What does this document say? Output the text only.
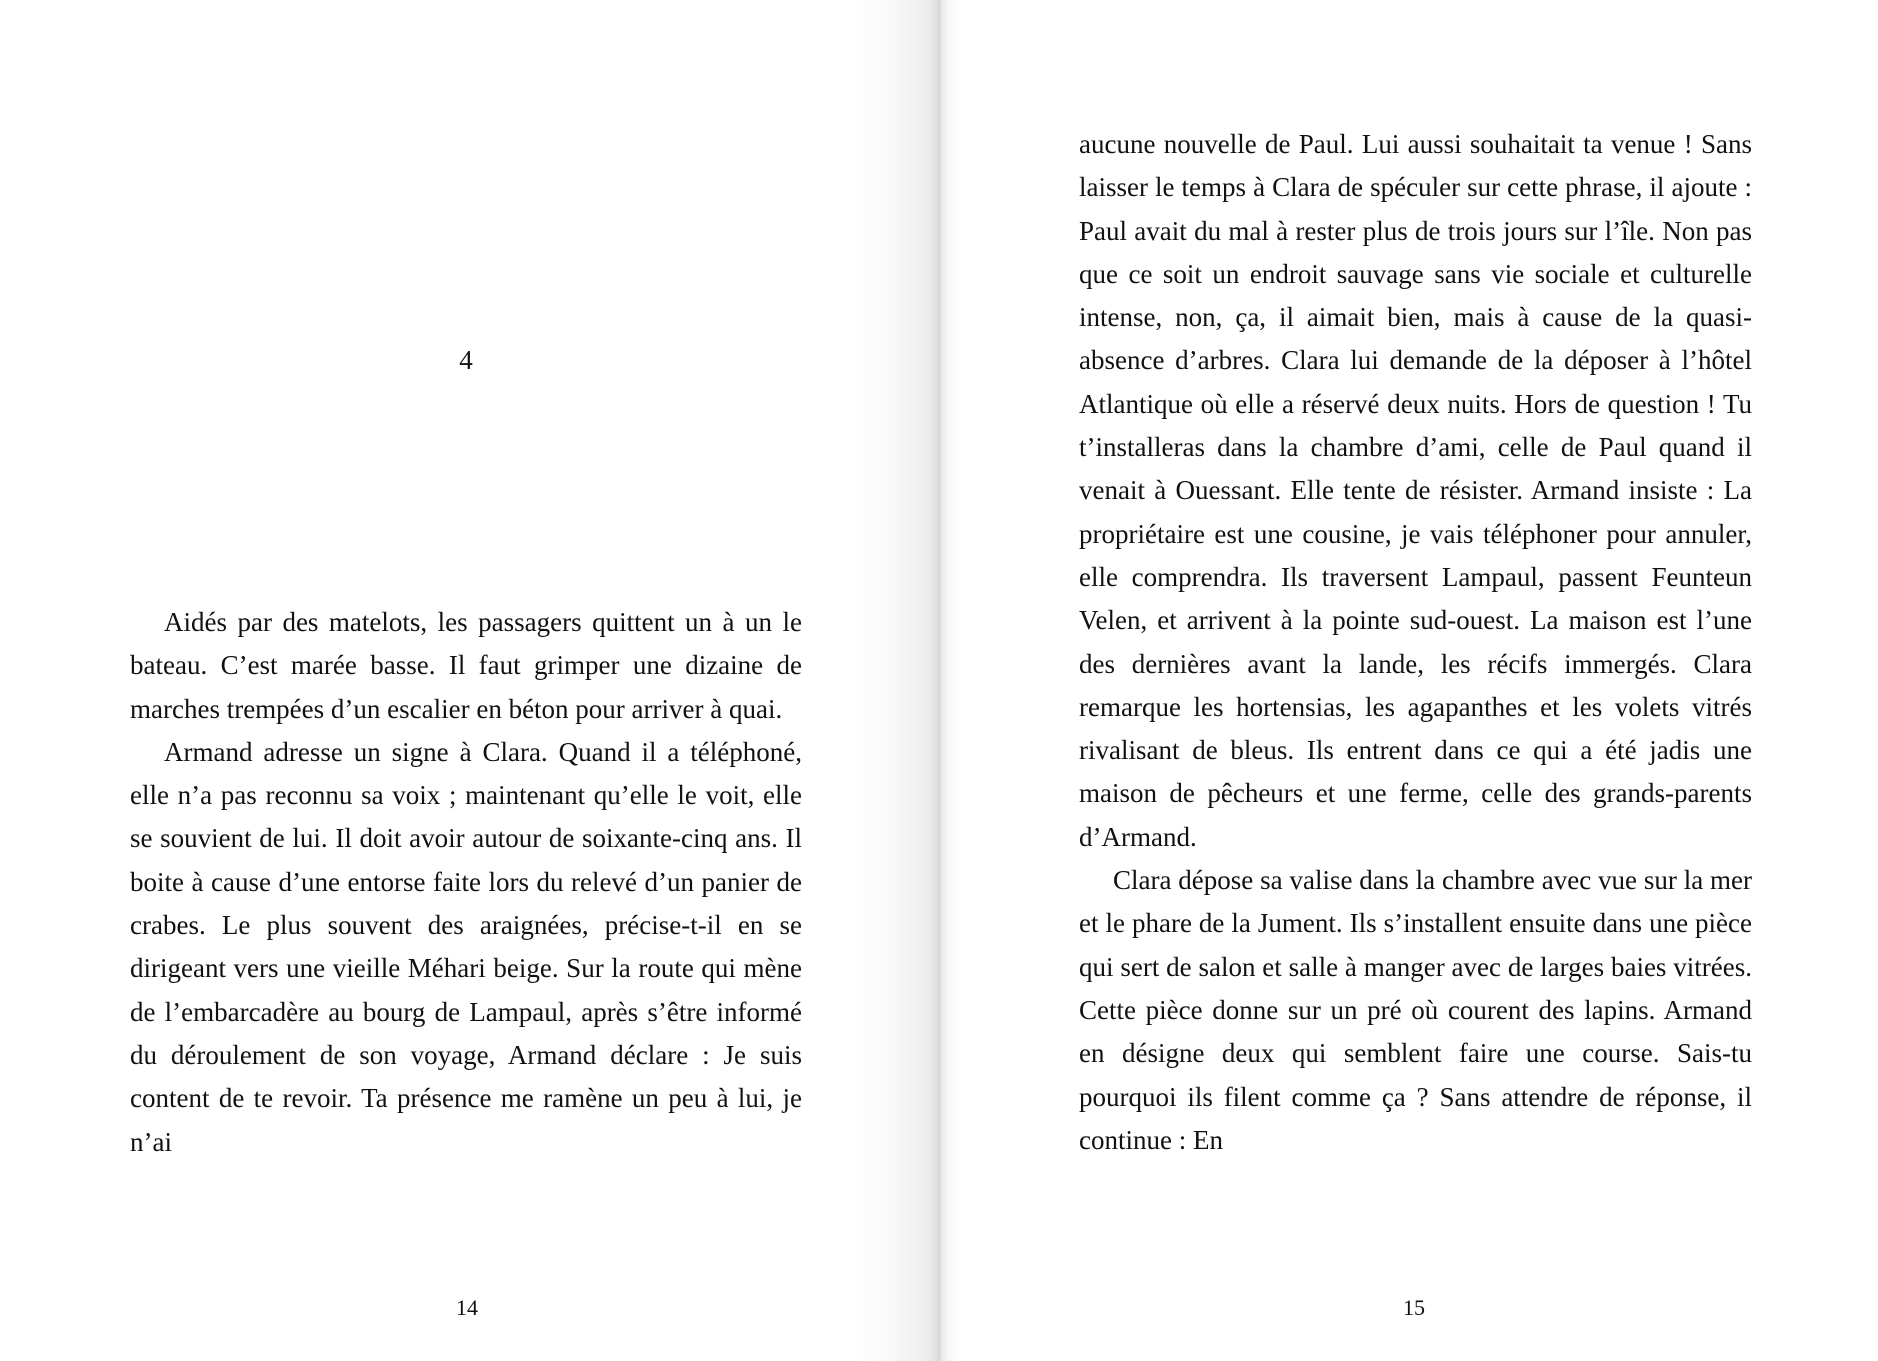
4

Aidés par des matelots, les passagers quittent un à un le bateau. C’est marée basse. Il faut grimper une dizaine de marches trempées d’un escalier en béton pour arriver à quai.

Armand adresse un signe à Clara. Quand il a téléphoné, elle n’a pas reconnu sa voix ; maintenant qu’elle le voit, elle se souvient de lui. Il doit avoir autour de soixante-cinq ans. Il boite à cause d’une entorse faite lors du relevé d’un panier de crabes. Le plus souvent des araignées, précise-t-il en se dirigeant vers une vieille Méhari beige. Sur la route qui mène de l’embarcadère au bourg de Lampaul, après s’être informé du déroulement de son voyage, Armand déclare : Je suis content de te revoir. Ta présence me ramène un peu à lui, je n’ai

aucune nouvelle de Paul. Lui aussi souhaitait ta venue ! Sans laisser le temps à Clara de spéculer sur cette phrase, il ajoute : Paul avait du mal à rester plus de trois jours sur l’île. Non pas que ce soit un endroit sauvage sans vie sociale et culturelle intense, non, ça, il aimait bien, mais à cause de la quasi-absence d’arbres. Clara lui demande de la déposer à l’hôtel Atlantique où elle a réservé deux nuits. Hors de question ! Tu t’installeras dans la chambre d’ami, celle de Paul quand il venait à Ouessant. Elle tente de résister. Armand insiste : La propriétaire est une cousine, je vais téléphoner pour annuler, elle comprendra. Ils traversent Lampaul, passent Feunteun Velen, et arrivent à la pointe sud-ouest. La maison est l’une des dernières avant la lande, les récifs immergés. Clara remarque les hortensias, les agapanthes et les volets vitrés rivalisant de bleus. Ils entrent dans ce qui a été jadis une maison de pêcheurs et une ferme, celle des grands-parents d’Armand.

Clara dépose sa valise dans la chambre avec vue sur la mer et le phare de la Jument. Ils s’installent ensuite dans une pièce qui sert de salon et salle à manger avec de larges baies vitrées. Cette pièce donne sur un pré où courent des lapins. Armand en désigne deux qui semblent faire une course. Sais-tu pourquoi ils filent comme ça ? Sans attendre de réponse, il continue : En

14	15
